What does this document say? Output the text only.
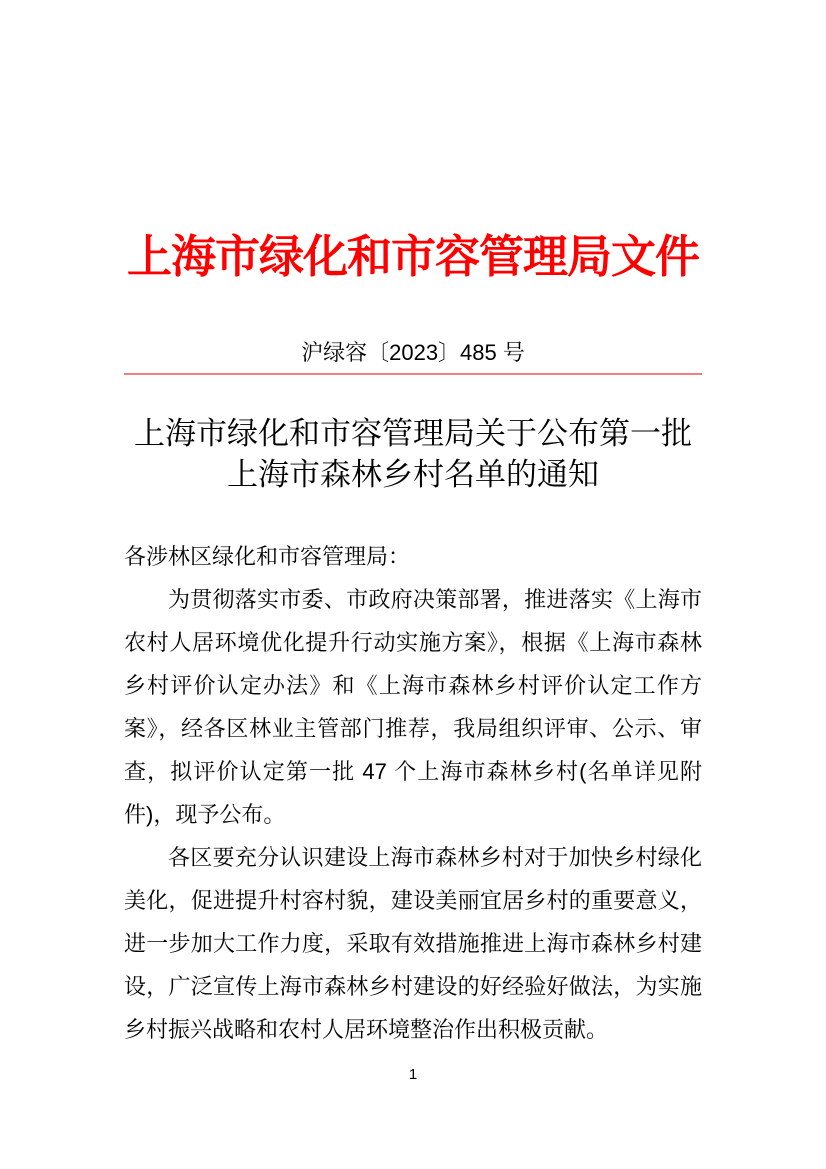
上海市绿化和市容管理局文件
沪绿容〔2023〕485 号
上海市绿化和市容管理局关于公布第一批
上海市森林乡村名单的通知

各涉林区绿化和市容管理局：

为贯彻落实市委、市政府决策部署，推进落实《上海市农村人居环境优化提升行动实施方案》，根据《上海市森林乡村评价认定办法》和《上海市森林乡村评价认定工作方案》，经各区林业主管部门推荐，我局组织评审、公示、审查，拟评价认定第一批 47 个上海市森林乡村(名单详见附件)，现予公布。

各区要充分认识建设上海市森林乡村对于加快乡村绿化美化，促进提升村容村貌，建设美丽宜居乡村的重要意义，进一步加大工作力度，采取有效措施推进上海市森林乡村建设，广泛宣传上海市森林乡村建设的好经验好做法，为实施乡村振兴战略和农村人居环境整治作出积极贡献。

1
